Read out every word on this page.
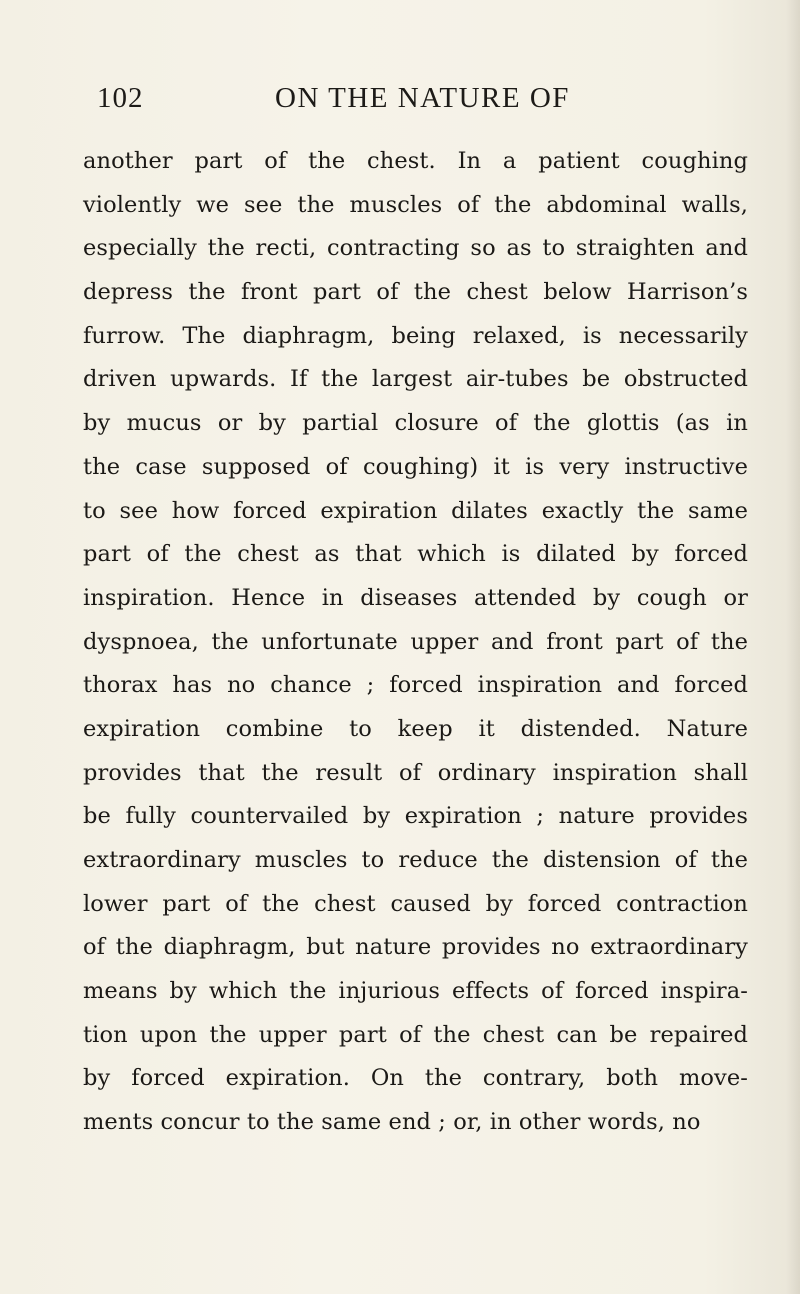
102	ON THE NATURE OF
another part of the chest. In a patient coughing
violently we see the muscles of the abdominal walls,
especially the recti, contracting so as to straighten and
depress the front part of the chest below Harrison’s
furrow. The diaphragm, being relaxed, is necessarily
driven upwards. If the largest air-tubes be obstructed
by mucus or by partial closure of the glottis (as in
the case supposed of coughing) it is very instructive
to see how forced expiration dilates exactly the same
part of the chest as that which is dilated by forced
inspiration. Hence in diseases attended by cough or
dyspnoea, the unfortunate upper and front part of the
thorax has no chance ; forced inspiration and forced
expiration combine to keep it distended. Nature
provides that the result of ordinary inspiration shall
be fully countervailed by expiration ; nature provides
extraordinary muscles to reduce the distension of the
lower part of the chest caused by forced contraction
of the diaphragm, but nature provides no extraordinary
means by which the injurious effects of forced inspira-
tion upon the upper part of the chest can be repaired
by forced expiration. On the contrary, both move-
ments concur to the same end ; or, in other words, no
